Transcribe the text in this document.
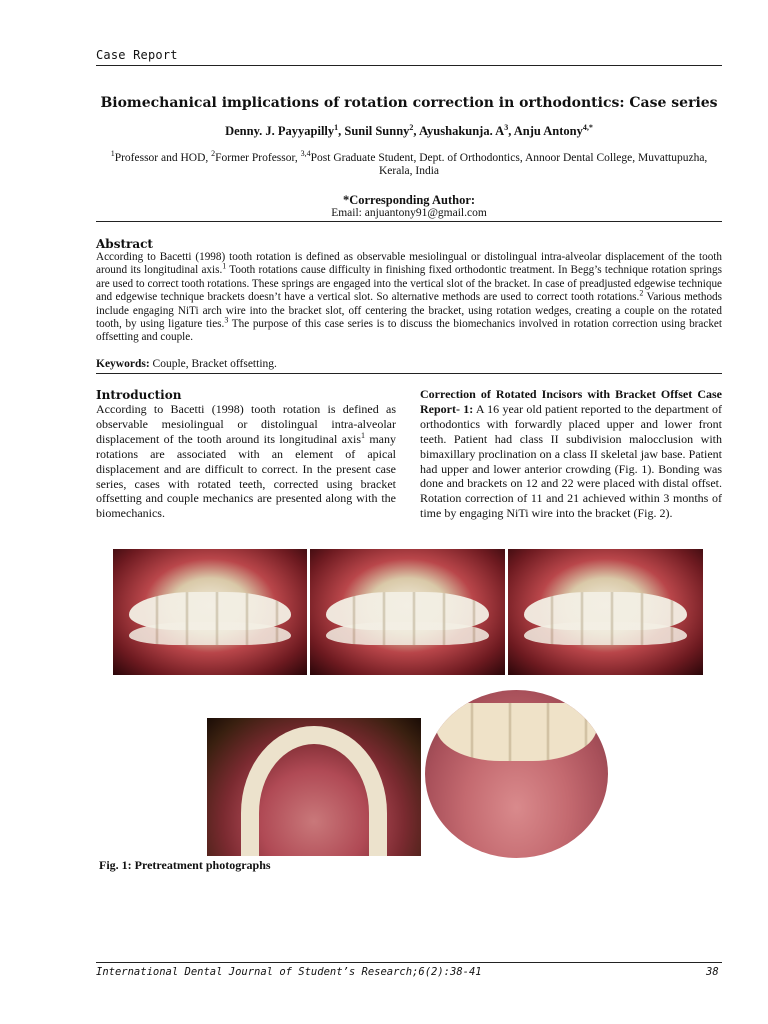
Case Report
Biomechanical implications of rotation correction in orthodontics: Case series
Denny. J. Payyapilly$^1$, Sunil Sunny$^2$, Ayushakunja. $A^3$, Anju Antony$^{4,*}$
$^1$Professor and HOD, $^2$Former Professor, $^{3,4}$Post Graduate Student, Dept. of Orthodontics, Annoor Dental College, Muvattupuzha, Kerala, India
*Corresponding Author:
Email: anjuantony91@gmail.com
Abstract
According to Bacetti (1998) tooth rotation is defined as observable mesiolingual or distolingual intra-alveolar displacement of the tooth around its longitudinal axis.$^1$ Tooth rotations cause difficulty in finishing fixed orthodontic treatment. In Begg’s technique rotation springs are used to correct tooth rotations. These springs are engaged into the vertical slot of the bracket. In case of preadjusted edgewise technique and edgewise technique brackets doesn’t have a vertical slot. So alternative methods are used to correct tooth rotations.$^2$ Various methods include engaging NiTi arch wire into the bracket slot, off centering the bracket, using rotation wedges, creating a couple on the rotated tooth, by using ligature ties.$^3$ The purpose of this case series is to discuss the biomechanics involved in rotation correction using bracket offsetting and couple.
Keywords: Couple, Bracket offsetting.
Introduction
According to Bacetti (1998) tooth rotation is defined as observable mesiolingual or distolingual intra-alveolar displacement of the tooth around its longitudinal axis$^1$ many rotations are associated with an element of apical displacement and are difficult to correct. In the present case series, cases with rotated teeth, corrected using bracket offsetting and couple mechanics are presented along with the biomechanics.
Correction of Rotated Incisors with Bracket Offset Case Report- 1: A 16 year old patient reported to the department of orthodontics with forwardly placed upper and lower front teeth. Patient had class II subdivision malocclusion with bimaxillary proclination on a class II skeletal jaw base. Patient had upper and lower anterior crowding (Fig. 1). Bonding was done and brackets on 12 and 22 were placed with distal offset. Rotation correction of 11 and 21 achieved within 3 months of time by engaging NiTi wire into the bracket (Fig. 2).
Fig. 1: Pretreatment photographs
International Dental Journal of Student’s Research;6(2):38-41	38
